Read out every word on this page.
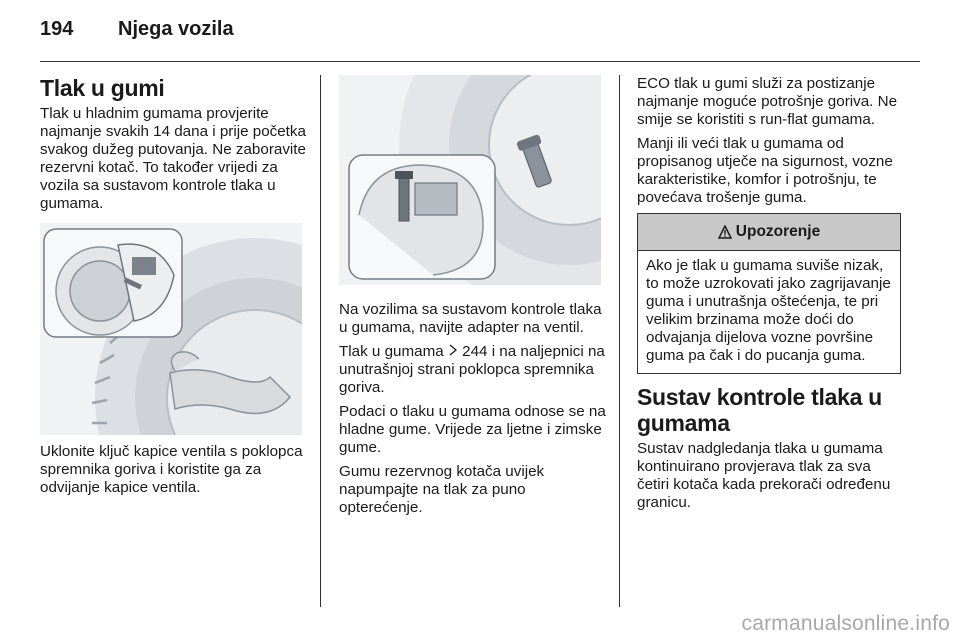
194 Njega vozila
Tlak u gumi

Tlak u hladnim gumama provjerite najmanje svakih 14 dana i prije početka svakog dužeg putovanja. Ne zaboravite rezervni kotač. To također vrijedi za vozila sa sustavom kontrole tlaka u gumama.

Uklonite ključ kapice ventila s poklopca spremnika goriva i koristite ga za odvijanje kapice ventila.

Na vozilima sa sustavom kontrole tlaka u gumama, navijte adapter na ventil.

Tlak u gumama  244 i na naljepnici na unutrašnjoj strani poklopca spremnika goriva.

Podaci o tlaku u gumama odnose se na hladne gume. Vrijede za ljetne i zimske gume.

Gumu rezervnog kotača uvijek napumpajte na tlak za puno opterećenje.

ECO tlak u gumi služi za postizanje najmanje moguće potrošnje goriva. Ne smije se koristiti s run-flat gumama.

Manji ili veći tlak u gumama od propisanog utječe na sigurnost, vozne karakteristike, komfor i potrošnju, te povećava trošenje guma.

Upozorenje
Ako je tlak u gumama suviše nizak, to može uzrokovati jako zagrijavanje guma i unutrašnja oštećenja, te pri velikim brzinama može doći do odvajanja dijelova vozne površine guma pa čak i do pucanja guma.
Sustav kontrole tlaka u gumama

Sustav nadgledanja tlaka u gumama kontinuirano provjerava tlak za sva četiri kotača kada prekorači određenu granicu.

carmanualsonline.info
